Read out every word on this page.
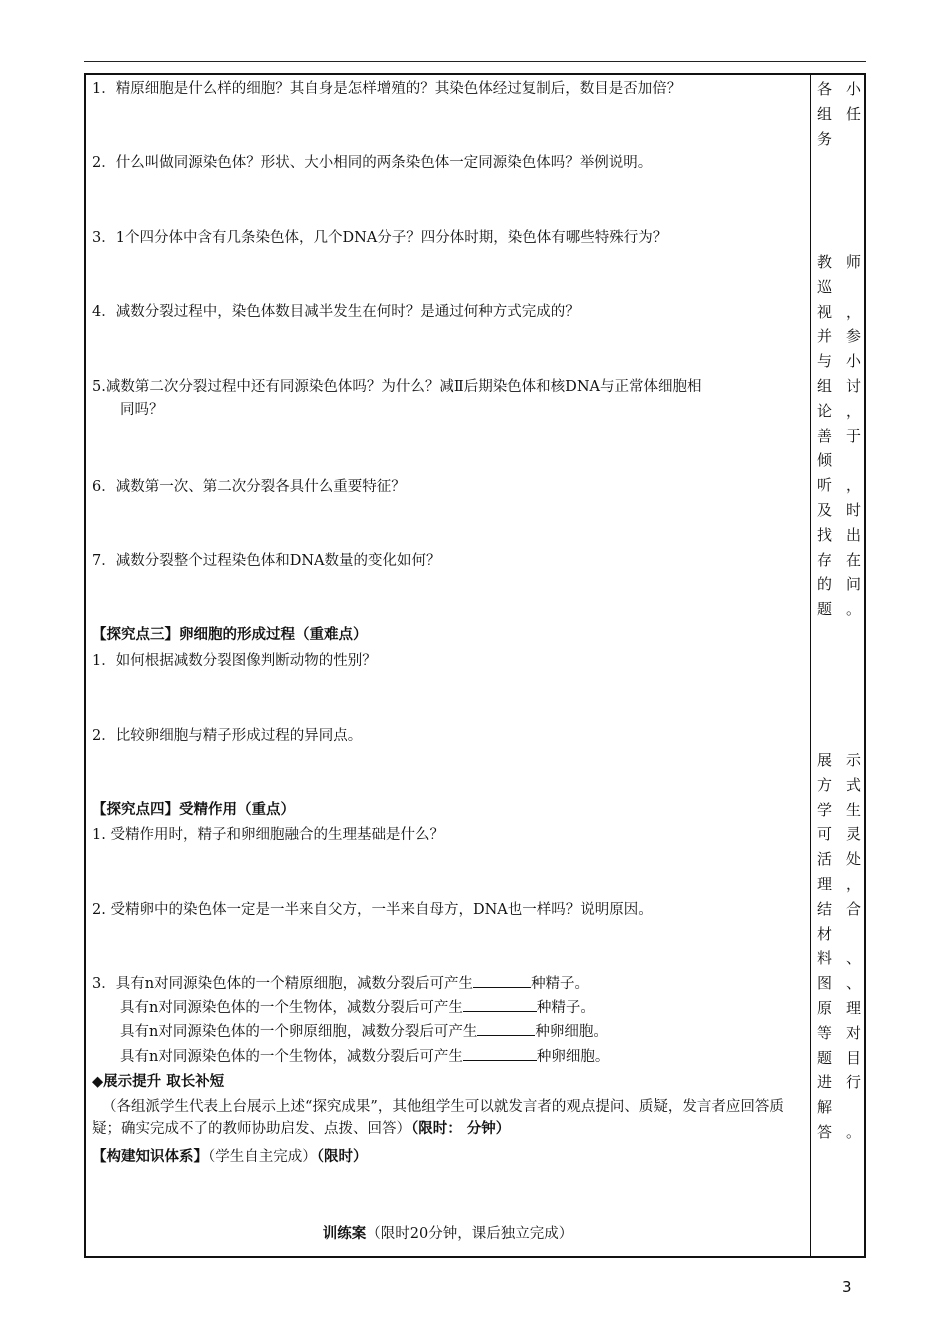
1．精原细胞是什么样的细胞？其自身是怎样增殖的？其染色体经过复制后，数目是否加倍？
2．什么叫做同源染色体？形状、大小相同的两条染色体一定同源染色体吗？举例说明。
3．1个四分体中含有几条染色体，几个DNA分子？四分体时期，染色体有哪些特殊行为？
4．减数分裂过程中，染色体数目减半发生在何时？是通过何种方式完成的？
5.减数第二次分裂过程中还有同源染色体吗？为什么？减Ⅱ后期染色体和核DNA与正常体细胞相
同吗？
6．减数第一次、第二次分裂各具什么重要特征？
7．减数分裂整个过程染色体和DNA数量的变化如何？
【探究点三】卵细胞的形成过程（重难点）
1．如何根据减数分裂图像判断动物的性别？
2．比较卵细胞与精子形成过程的异同点。
【探究点四】受精作用（重点）
1. 受精作用时，精子和卵细胞融合的生理基础是什么？
2. 受精卵中的染色体一定是一半来自父方，一半来自母方，DNA也一样吗？说明原因。
3．具有n对同源染色体的一个精原细胞，减数分裂后可产生	种精子。
具有n对同源染色体的一个生物体，减数分裂后可产生	种精子。
具有n对同源染色体的一个卵原细胞，减数分裂后可产生	种卵细胞。
具有n对同源染色体的一个生物体，减数分裂后可产生	种卵细胞。
◆展示提升 取长补短
（各组派学生代表上台展示上述“探究成果”，其他组学生可以就发言者的观点提问、质疑，发言者应回答质疑；确实完成不了的教师协助启发、点拨、回答）（限时： 分钟）
【构建知识体系】（学生自主完成）（限时）
训练案（限时20分钟，课后独立完成）
各小组任务
教师巡视，并参与小组讨论，善于倾听，及时找出存在的问题。
展示方式学生可灵活处理，结合材料、图、原理等对题目进行解答。
3
